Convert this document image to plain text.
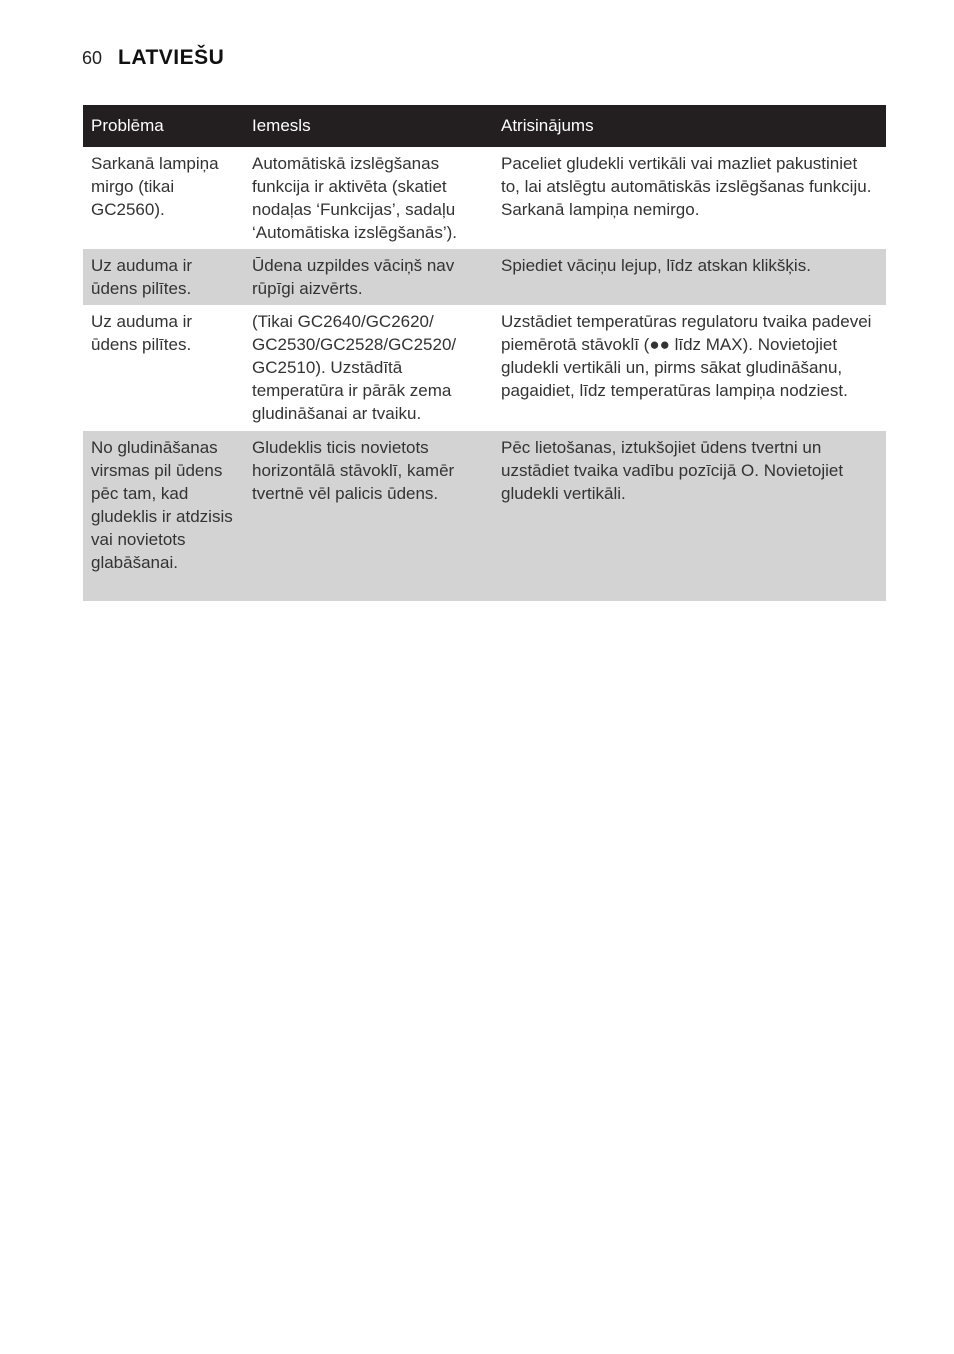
60 LATVIEŠU
Problēma	Iemesls	Atrisinājums
Sarkanā lampiņa mirgo (tikai GC2560).	Automātiskā izslēgšanas funkcija ir aktivēta (skatiet nodaļas ‘Funkcijas’, sadaļu ‘Automātiska izslēgšanās’).	Paceliet gludekli vertikāli vai mazliet pakustiniet to, lai atslēgtu automātiskās izslēgšanas funkciju. Sarkanā lampiņa nemirgo.
Uz auduma ir ūdens pilītes.	Ūdena uzpildes vāciņš nav rūpīgi aizvērts.	Spiediet vāciņu lejup, līdz atskan klikšķis.
Uz auduma ir ūdens pilītes.	(Tikai GC2640/GC2620/ GC2530/GC2528/GC2520/ GC2510). Uzstādītā temperatūra ir pārāk zema gludināšanai ar tvaiku.	Uzstādiet temperatūras regulatoru tvaika padevei piemērotā stāvoklī (●● līdz MAX). Novietojiet gludekli vertikāli un, pirms sākat gludināšanu, pagaidiet, līdz temperatūras lampiņa nodziest.
No gludināšanas virsmas pil ūdens pēc tam, kad gludeklis ir atdzisis vai novietots glabāšanai.	Gludeklis ticis novietots horizontālā stāvoklī, kamēr tvertnē vēl palicis ūdens.	Pēc lietošanas, iztukšojiet ūdens tvertni un uzstādiet tvaika vadību pozīcijā O. Novietojiet gludekli vertikāli.
